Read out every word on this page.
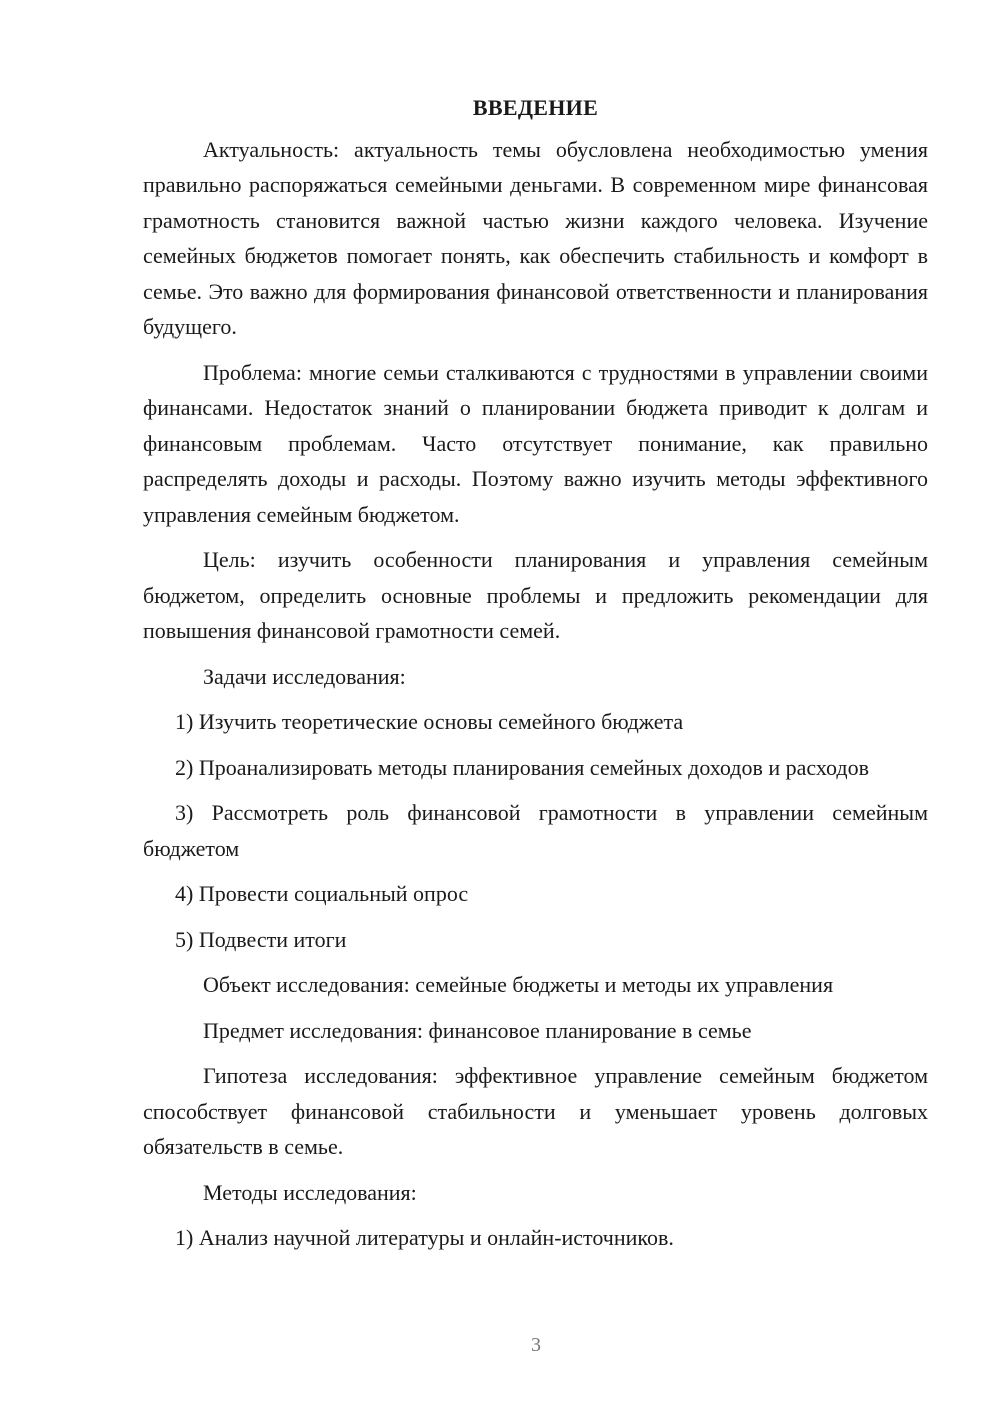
ВВЕДЕНИЕ

Актуальность: актуальность темы обусловлена необходимостью умения правильно распоряжаться семейными деньгами. В современном мире финансовая грамотность становится важной частью жизни каждого человека. Изучение семейных бюджетов помогает понять, как обеспечить стабильность и комфорт в семье. Это важно для формирования финансовой ответственности и планирования будущего.

Проблема: многие семьи сталкиваются с трудностями в управлении своими финансами. Недостаток знаний о планировании бюджета приводит к долгам и финансовым проблемам. Часто отсутствует понимание, как правильно распределять доходы и расходы. Поэтому важно изучить методы эффективного управления семейным бюджетом.

Цель: изучить особенности планирования и управления семейным бюджетом, определить основные проблемы и предложить рекомендации для повышения финансовой грамотности семей.

Задачи исследования:

1) Изучить теоретические основы семейного бюджета

2) Проанализировать методы планирования семейных доходов и расходов

3) Рассмотреть роль финансовой грамотности в управлении семейным бюджетом

4) Провести социальный опрос

5) Подвести итоги

Объект исследования: семейные бюджеты и методы их управления

Предмет исследования: финансовое планирование в семье

Гипотеза исследования: эффективное управление семейным бюджетом способствует финансовой стабильности и уменьшает уровень долговых обязательств в семье.

Методы исследования:

1) Анализ научной литературы и онлайн-источников.

3
